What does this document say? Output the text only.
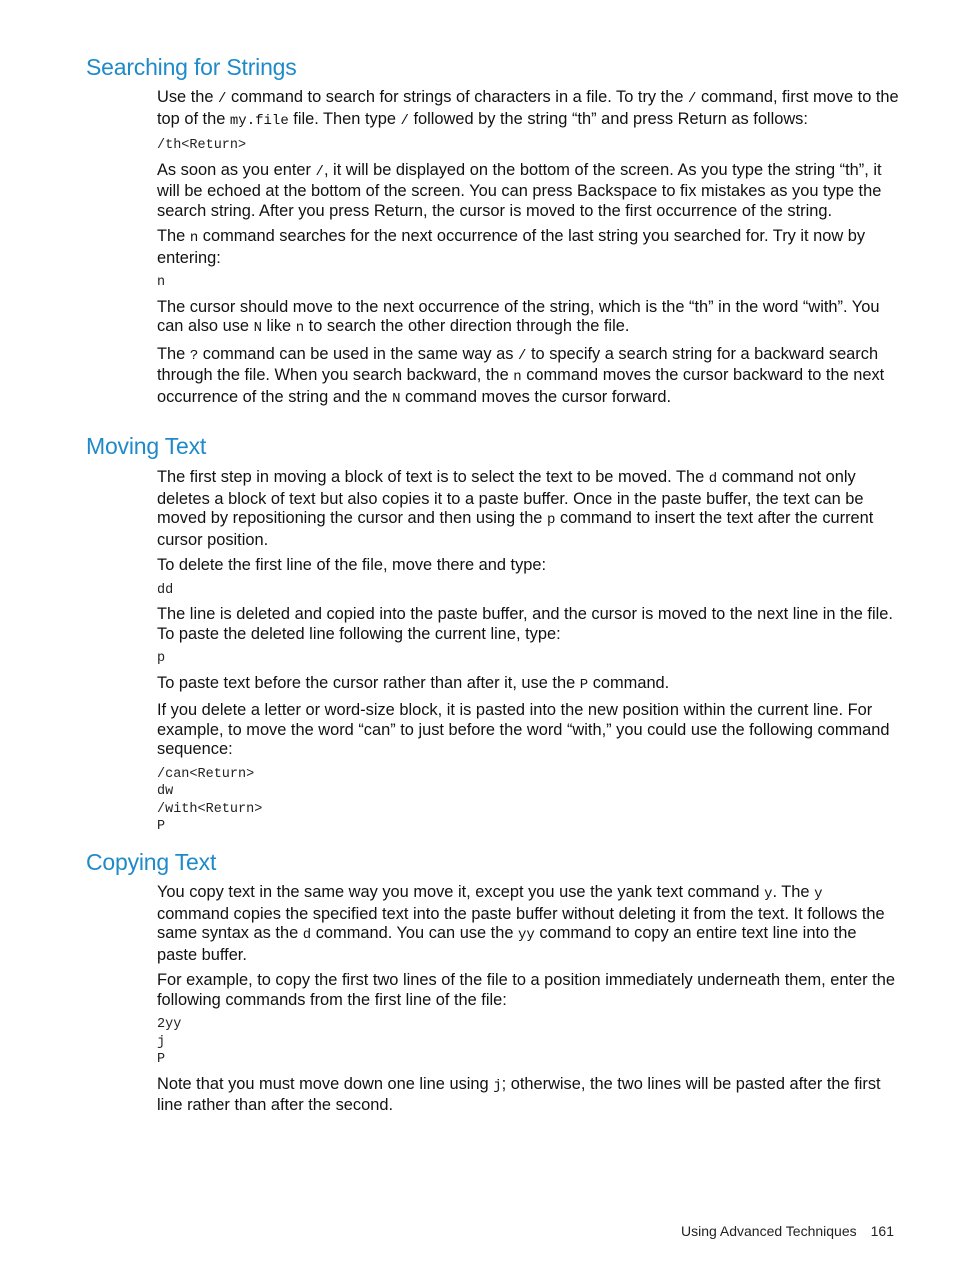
Searching for Strings

Use the / command to search for strings of characters in a file. To try the / command, first move to the top of the my.file file. Then type / followed by the string “th” and press Return as follows:

/th<Return>

As soon as you enter /, it will be displayed on the bottom of the screen. As you type the string “th”, it will be echoed at the bottom of the screen. You can press Backspace to fix mistakes as you type the search string. After you press Return, the cursor is moved to the first occurrence of the string.

The n command searches for the next occurrence of the last string you searched for. Try it now by entering:

n

The cursor should move to the next occurrence of the string, which is the “th” in the word “with”. You can also use N like n to search the other direction through the file.

The ? command can be used in the same way as / to specify a search string for a backward search through the file. When you search backward, the n command moves the cursor backward to the next occurrence of the string and the N command moves the cursor forward.

Moving Text

The first step in moving a block of text is to select the text to be moved. The d command not only deletes a block of text but also copies it to a paste buffer. Once in the paste buffer, the text can be moved by repositioning the cursor and then using the p command to insert the text after the current cursor position.

To delete the first line of the file, move there and type:

dd

The line is deleted and copied into the paste buffer, and the cursor is moved to the next line in the file. To paste the deleted line following the current line, type:

p

To paste text before the cursor rather than after it, use the P command.

If you delete a letter or word-size block, it is pasted into the new position within the current line. For example, to move the word “can” to just before the word “with,” you could use the following command sequence:

/can<Return>
dw
/with<Return>
P
Copying Text

You copy text in the same way you move it, except you use the yank text command y. The y command copies the specified text into the paste buffer without deleting it from the text. It follows the same syntax as the d command. You can use the yy command to copy an entire text line into the paste buffer.

For example, to copy the first two lines of the file to a position immediately underneath them, enter the following commands from the first line of the file:

2yy
j
P

Note that you must move down one line using j; otherwise, the two lines will be pasted after the first line rather than after the second.

Using Advanced Techniques 161
